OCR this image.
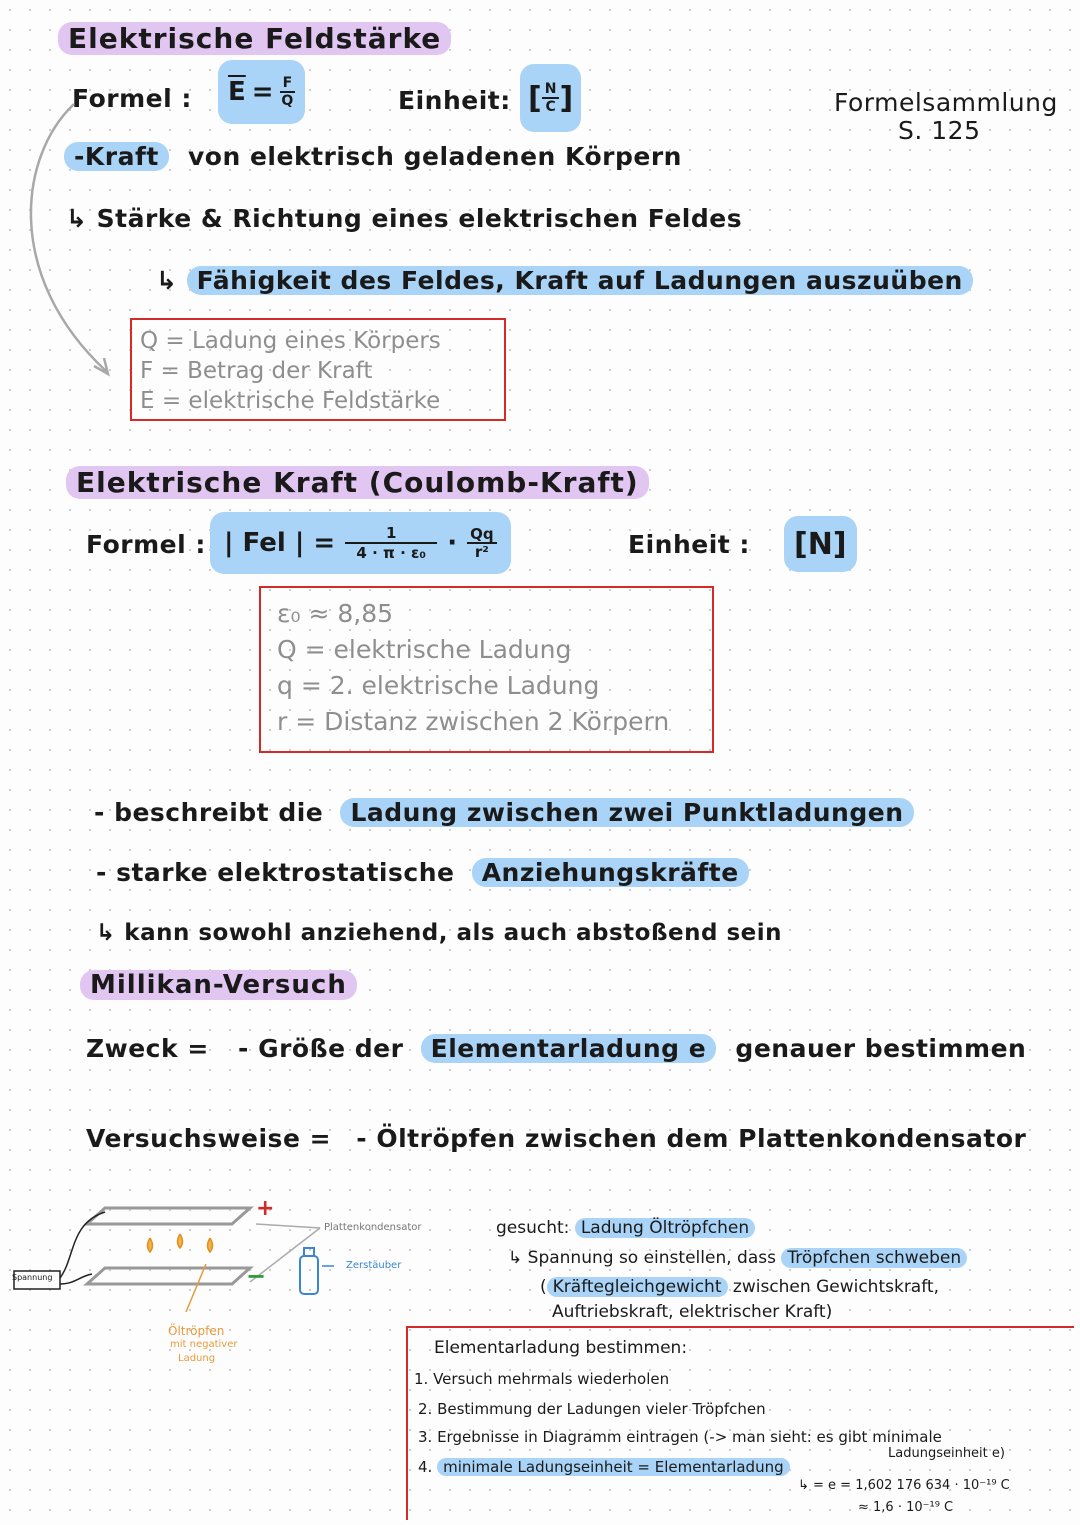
Elektrische Feldstärke
Formel : $\overline{E} = \frac{F}{Q}$	Einheit: [ $\frac{N}{C}$ ]	Formelsammlung
S. 125
-Kraft von elektrisch geladenen Körpern
↳ Stärke & Richtung eines elektrischen Feldes
↳ Fähigkeit des Feldes, Kraft auf Ladungen auszuüben
Q = Ladung eines Körpers
F = Betrag der Kraft
E = elektrische Feldstärke
Elektrische Kraft (Coulomb-Kraft)
Formel : | Fel | = $\frac{1}{\text{4 · π · ε₀}} \cdot \frac{Qq}{\text{r²}}$	Einheit :	[N]
ε₀ ≈ 8,85
Q = elektrische Ladung
q = 2. elektrische Ladung
r = Distanz zwischen 2 Körpern
- beschreibt die Ladung zwischen zwei Punktladungen
- starke elektrostatische Anziehungskräfte
↳ kann sowohl anziehend, als auch abstoßend sein
Millikan-Versuch
Zweck = - Größe der Elementarladung e genauer bestimmen
Versuchsweise = - Öltröpfen zwischen dem Plattenkondensator
Spannung
+
−
Plattenkondensator
Zerstäuber
Öltröpfen
mit negativer
Ladung
gesucht: Ladung Öltröpfchen
↳ Spannung so einstellen, dass Tröpfchen schweben
( Kräftegleichgewicht zwischen Gewichtskraft,
Auftriebskraft, elektrischer Kraft)
Elementarladung bestimmen:
1. Versuch mehrmals wiederholen
2. Bestimmung der Ladungen vieler Tröpfchen
3. Ergebnisse in Diagramm eintragen (-> man sieht: es gibt minimale
Ladungseinheit e)
4. minimale Ladungseinheit = Elementarladung
↳ = e = 1,602 176 634 · 10⁻¹⁹ C
≈ 1,6 · 10⁻¹⁹ C
